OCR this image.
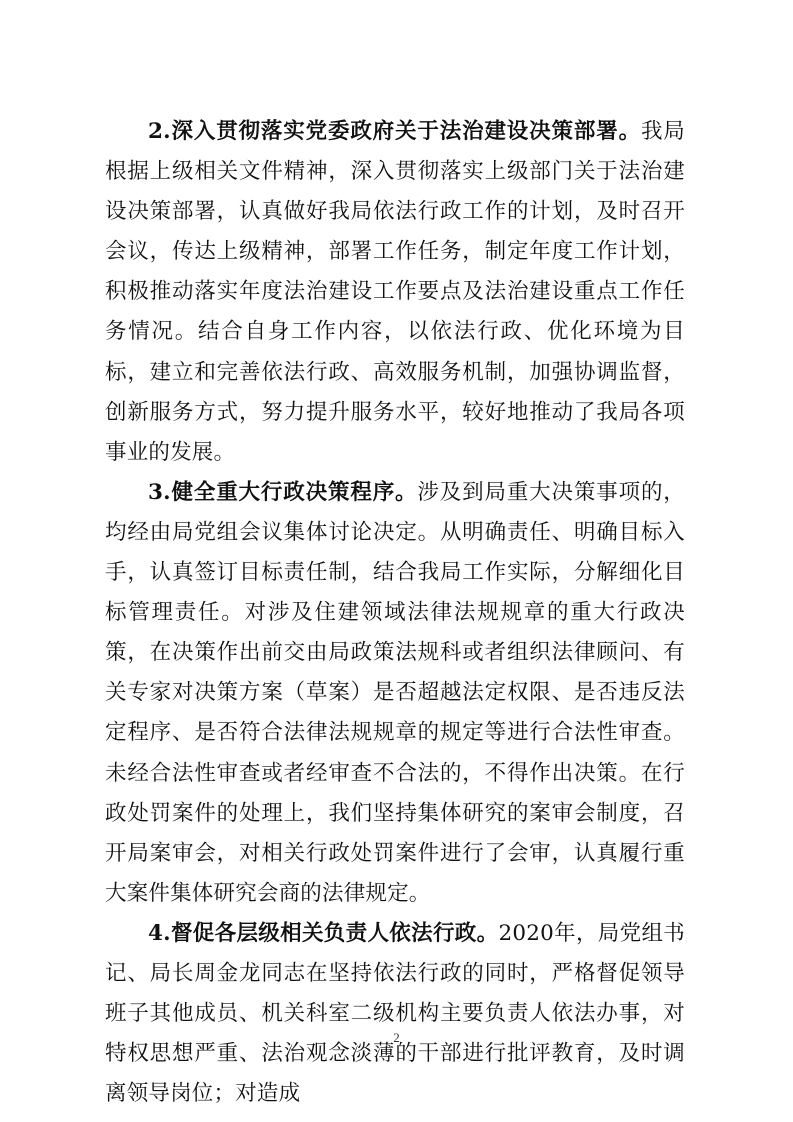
2.深入贯彻落实党委政府关于法治建设决策部署。我局根据上级相关文件精神，深入贯彻落实上级部门关于法治建设决策部署，认真做好我局依法行政工作的计划，及时召开会议，传达上级精神，部署工作任务，制定年度工作计划，积极推动落实年度法治建设工作要点及法治建设重点工作任务情况。结合自身工作内容，以依法行政、优化环境为目标，建立和完善依法行政、高效服务机制，加强协调监督，创新服务方式，努力提升服务水平，较好地推动了我局各项事业的发展。

3.健全重大行政决策程序。涉及到局重大决策事项的，均经由局党组会议集体讨论决定。从明确责任、明确目标入手，认真签订目标责任制，结合我局工作实际，分解细化目标管理责任。对涉及住建领域法律法规规章的重大行政决策，在决策作出前交由局政策法规科或者组织法律顾问、有关专家对决策方案（草案）是否超越法定权限、是否违反法定程序、是否符合法律法规规章的规定等进行合法性审查。未经合法性审查或者经审查不合法的，不得作出决策。在行政处罚案件的处理上，我们坚持集体研究的案审会制度，召开局案审会，对相关行政处罚案件进行了会审，认真履行重大案件集体研究会商的法律规定。

4.督促各层级相关负责人依法行政。2020年，局党组书记、局长周金龙同志在坚持依法行政的同时，严格督促领导班子其他成员、机关科室二级机构主要负责人依法办事，对特权思想严重、法治观念淡薄的干部进行批评教育，及时调离领导岗位；对造成

2
